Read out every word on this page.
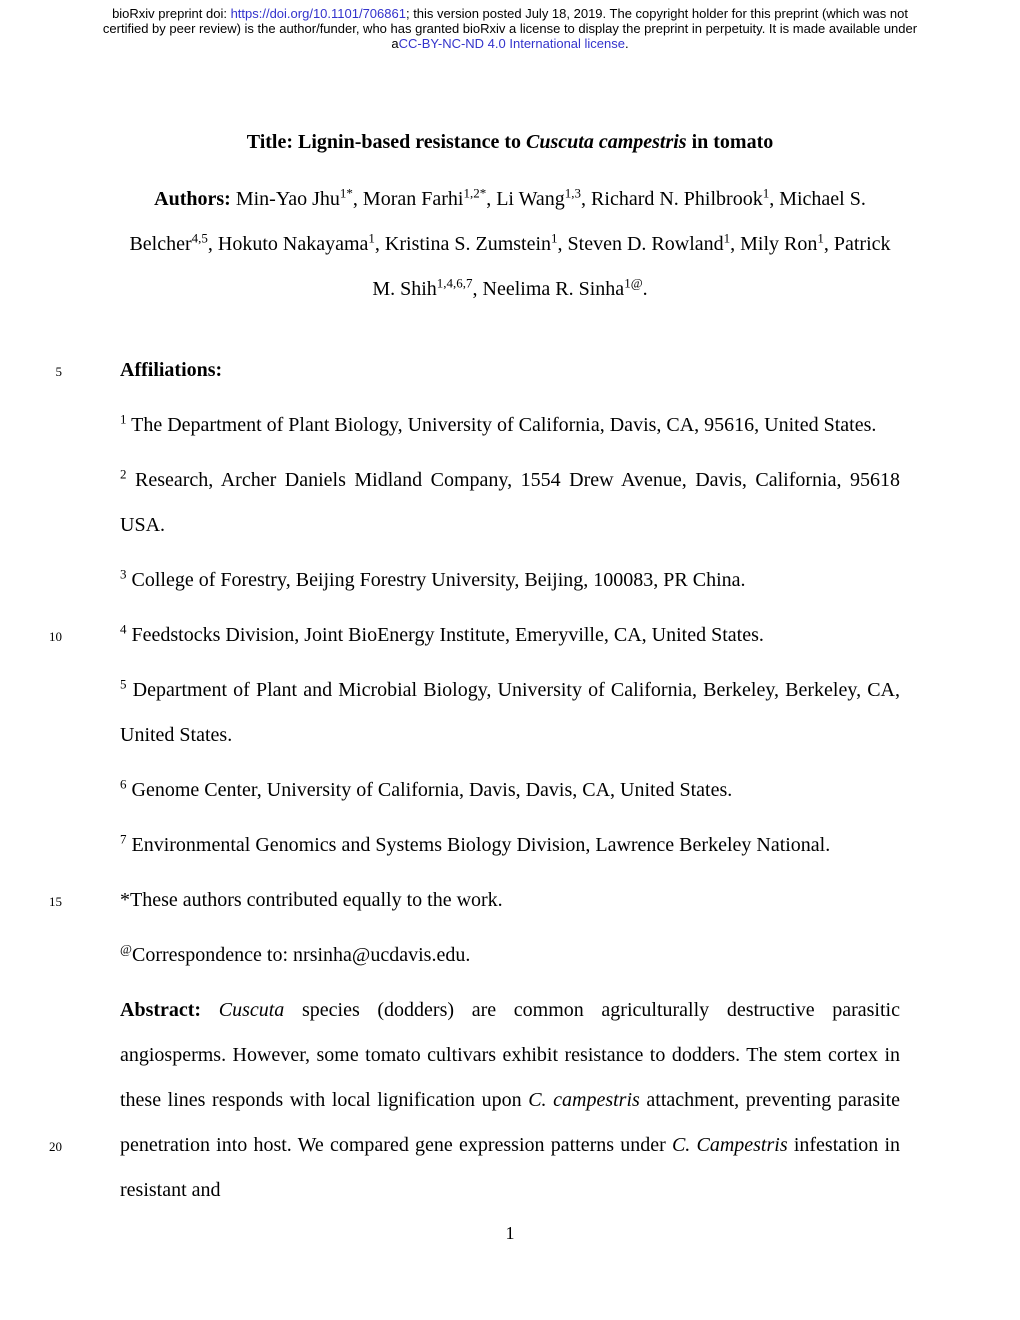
bioRxiv preprint doi: https://doi.org/10.1101/706861; this version posted July 18, 2019. The copyright holder for this preprint (which was not
certified by peer review) is the author/funder, who has granted bioRxiv a license to display the preprint in perpetuity. It is made available under
aCC-BY-NC-ND 4.0 International license.
5
10
15
20
Title: Lignin-based resistance to Cuscuta campestris in tomato

Authors: Min-Yao Jhu$^{1*}$, Moran Farhi$^{1,2*}$, Li Wang$^{1,3}$, Richard N. Philbrook$^1$, Michael S. Belcher$^{4,5}$, Hokuto Nakayama$^1$, Kristina S. Zumstein$^1$, Steven D. Rowland$^1$, Mily Ron$^1$, Patrick M. Shih$^{1,4,6,7}$, Neelima R. Sinha$^{1@}$.

Affiliations:

$^1$ The Department of Plant Biology, University of California, Davis, CA, 95616, United States.

$^2$ Research, Archer Daniels Midland Company, 1554 Drew Avenue, Davis, California, 95618 USA.

$^3$ College of Forestry, Beijing Forestry University, Beijing, 100083, PR China.

$^4$ Feedstocks Division, Joint BioEnergy Institute, Emeryville, CA, United States.

$^5$ Department of Plant and Microbial Biology, University of California, Berkeley, Berkeley, CA, United States.

$^6$ Genome Center, University of California, Davis, Davis, CA, United States.

$^7$ Environmental Genomics and Systems Biology Division, Lawrence Berkeley National.

*These authors contributed equally to the work.

@Correspondence to: nrsinha@ucdavis.edu.

Abstract: Cuscuta species (dodders) are common agriculturally destructive parasitic angiosperms. However, some tomato cultivars exhibit resistance to dodders. The stem cortex in these lines responds with local lignification upon C. campestris attachment, preventing parasite penetration into host. We compared gene expression patterns under C. Campestris infestation in resistant and

1
